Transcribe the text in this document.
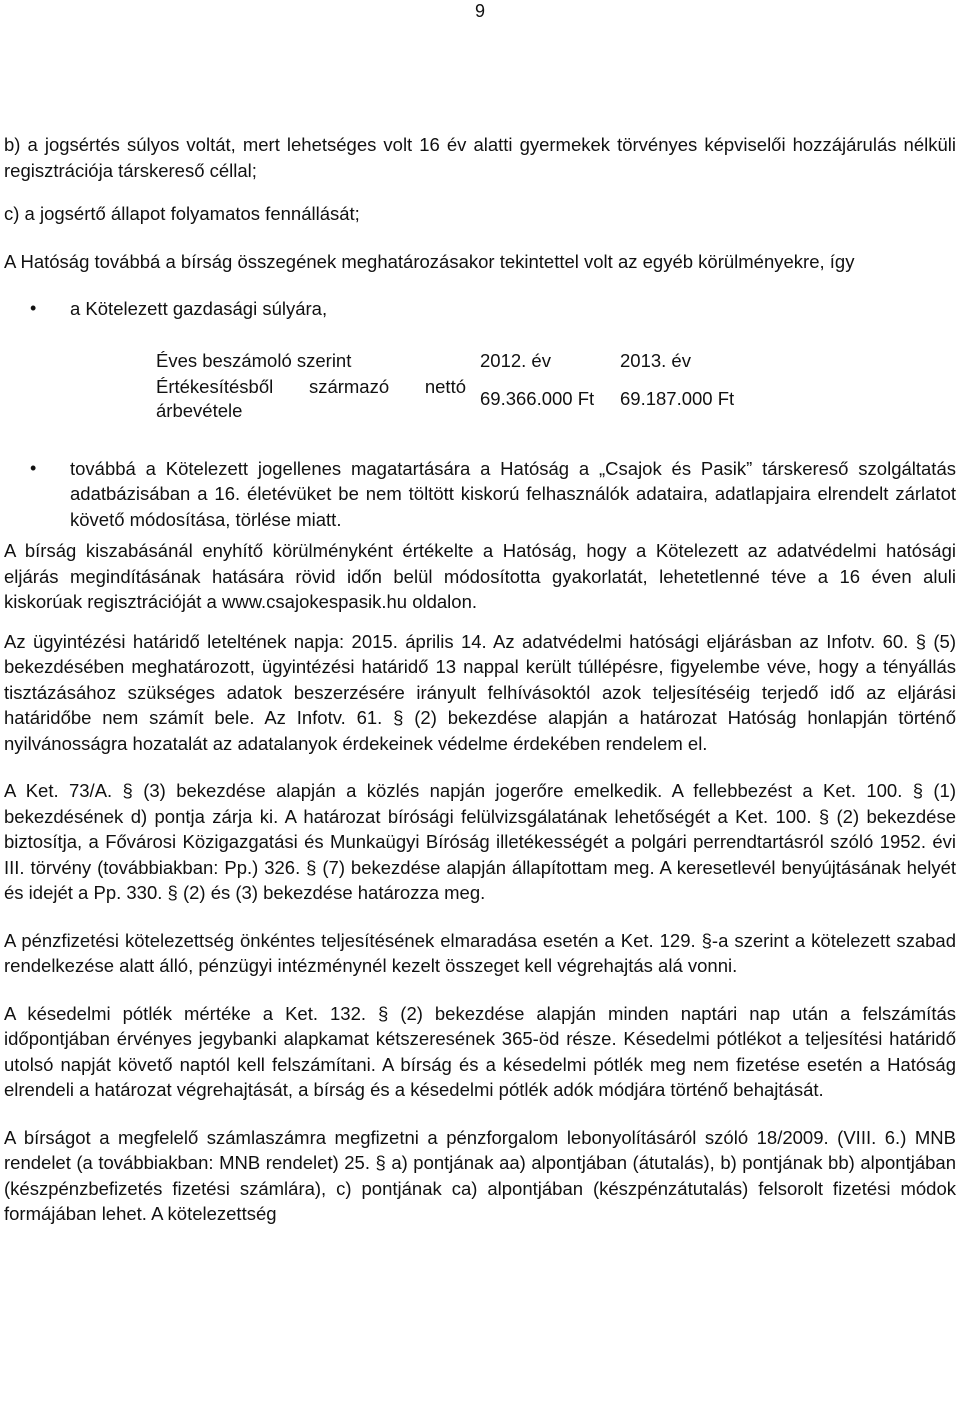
9

b) a jogsértés súlyos voltát, mert lehetséges volt 16 év alatti gyermekek törvényes képviselői hozzájárulás nélküli regisztrációja társkereső céllal;

c) a jogsértő állapot folyamatos fennállását;

A Hatóság továbbá a bírság összegének meghatározásakor tekintettel volt az egyéb körülményekre, így

• a Kötelezett gazdasági súlyára,
Éves beszámoló szerint	2012. év	2013. év
Értékesítésből származó nettó árbevétele	69.366.000 Ft	69.187.000 Ft
• továbbá a Kötelezett jogellenes magatartására a Hatóság a „Csajok és Pasik” társkereső szolgáltatás adatbázisában a 16. életévüket be nem töltött kiskorú felhasználók adataira, adatlapjaira elrendelt zárlatot követő módosítása, törlése miatt.

A bírság kiszabásánál enyhítő körülményként értékelte a Hatóság, hogy a Kötelezett az adatvédelmi hatósági eljárás megindításának hatására rövid időn belül módosította gyakorlatát, lehetetlenné téve a 16 éven aluli kiskorúak regisztrációját a www.csajokespasik.hu oldalon.

Az ügyintézési határidő leteltének napja: 2015. április 14. Az adatvédelmi hatósági eljárásban az Infotv. 60. § (5) bekezdésében meghatározott, ügyintézési határidő 13 nappal került túllépésre, figyelembe véve, hogy a tényállás tisztázásához szükséges adatok beszerzésére irányult felhívásoktól azok teljesítéséig terjedő idő az eljárási határidőbe nem számít bele. Az Infotv. 61. § (2) bekezdése alapján a határozat Hatóság honlapján történő nyilvánosságra hozatalát az adatalanyok érdekeinek védelme érdekében rendelem el.

A Ket. 73/A. § (3) bekezdése alapján a közlés napján jogerőre emelkedik. A fellebbezést a Ket. 100. § (1) bekezdésének d) pontja zárja ki. A határozat bírósági felülvizsgálatának lehetőségét a Ket. 100. § (2) bekezdése biztosítja, a Fővárosi Közigazgatási és Munkaügyi Bíróság illetékességét a polgári perrendtartásról szóló 1952. évi III. törvény (továbbiakban: Pp.) 326. § (7) bekezdése alapján állapítottam meg. A keresetlevél benyújtásának helyét és idejét a Pp. 330. § (2) és (3) bekezdése határozza meg.

A pénzfizetési kötelezettség önkéntes teljesítésének elmaradása esetén a Ket. 129. §-a szerint a kötelezett szabad rendelkezése alatt álló, pénzügyi intézménynél kezelt összeget kell végrehajtás alá vonni.

A késedelmi pótlék mértéke a Ket. 132. § (2) bekezdése alapján minden naptári nap után a felszámítás időpontjában érvényes jegybanki alapkamat kétszeresének 365-öd része. Késedelmi pótlékot a teljesítési határidő utolsó napját követő naptól kell felszámítani. A bírság és a késedelmi pótlék meg nem fizetése esetén a Hatóság elrendeli a határozat végrehajtását, a bírság és a késedelmi pótlék adók módjára történő behajtását.

A bírságot a megfelelő számlaszámra megfizetni a pénzforgalom lebonyolításáról szóló 18/2009. (VIII. 6.) MNB rendelet (a továbbiakban: MNB rendelet) 25. § a) pontjának aa) alpontjában (átutalás), b) pontjának bb) alpontjában (készpénzbefizetés fizetési számlára), c) pontjának ca) alpontjában (készpénzátutalás) felsorolt fizetési módok formájában lehet. A kötelezettség
